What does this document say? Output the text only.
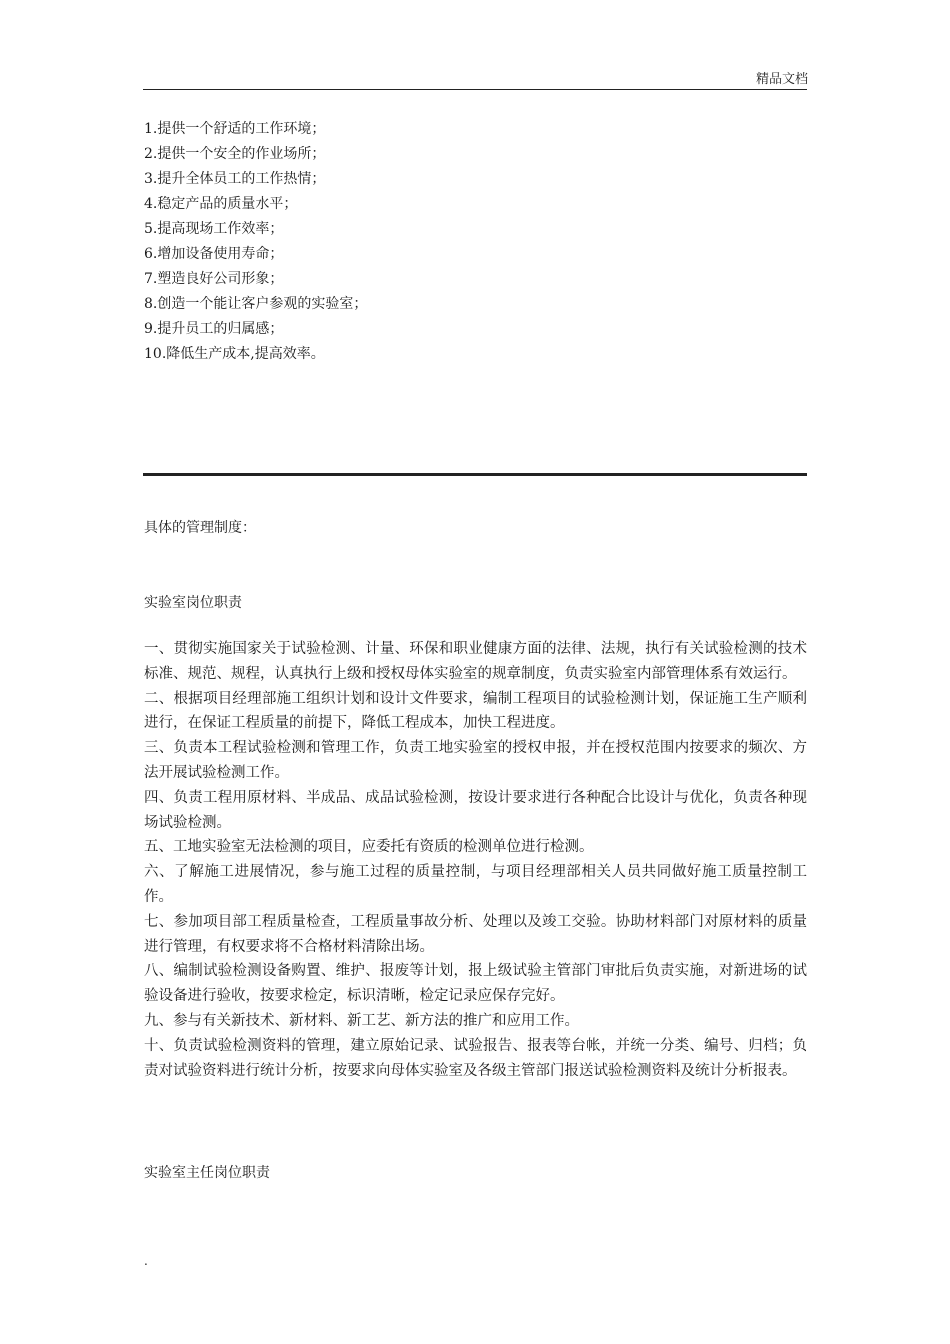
精品文档
1.提供一个舒适的工作环境；
2.提供一个安全的作业场所；
3.提升全体员工的工作热情；
4.稳定产品的质量水平；
5.提高现场工作效率；
6.增加设备使用寿命；
7.塑造良好公司形象；
8.创造一个能让客户参观的实验室；
9.提升员工的归属感；
10.降低生产成本,提高效率。
具体的管理制度：
实验室岗位职责

一、贯彻实施国家关于试验检测、计量、环保和职业健康方面的法律、法规，执行有关试验检测的技术标准、规范、规程，认真执行上级和授权母体实验室的规章制度，负责实验室内部管理体系有效运行。

二、根据项目经理部施工组织计划和设计文件要求，编制工程项目的试验检测计划，保证施工生产顺利进行，在保证工程质量的前提下，降低工程成本，加快工程进度。

三、负责本工程试验检测和管理工作，负责工地实验室的授权申报，并在授权范围内按要求的频次、方法开展试验检测工作。

四、负责工程用原材料、半成品、成品试验检测，按设计要求进行各种配合比设计与优化，负责各种现场试验检测。

五、工地实验室无法检测的项目，应委托有资质的检测单位进行检测。

六、了解施工进展情况，参与施工过程的质量控制，与项目经理部相关人员共同做好施工质量控制工作。

七、参加项目部工程质量检查，工程质量事故分析、处理以及竣工交验。协助材料部门对原材料的质量进行管理，有权要求将不合格材料清除出场。

八、编制试验检测设备购置、维护、报废等计划，报上级试验主管部门审批后负责实施，对新进场的试验设备进行验收，按要求检定，标识清晰，检定记录应保存完好。

九、参与有关新技术、新材料、新工艺、新方法的推广和应用工作。

十、负责试验检测资料的管理，建立原始记录、试验报告、报表等台帐，并统一分类、编号、归档；负责对试验资料进行统计分析，按要求向母体实验室及各级主管部门报送试验检测资料及统计分析报表。

实验室主任岗位职责
.
